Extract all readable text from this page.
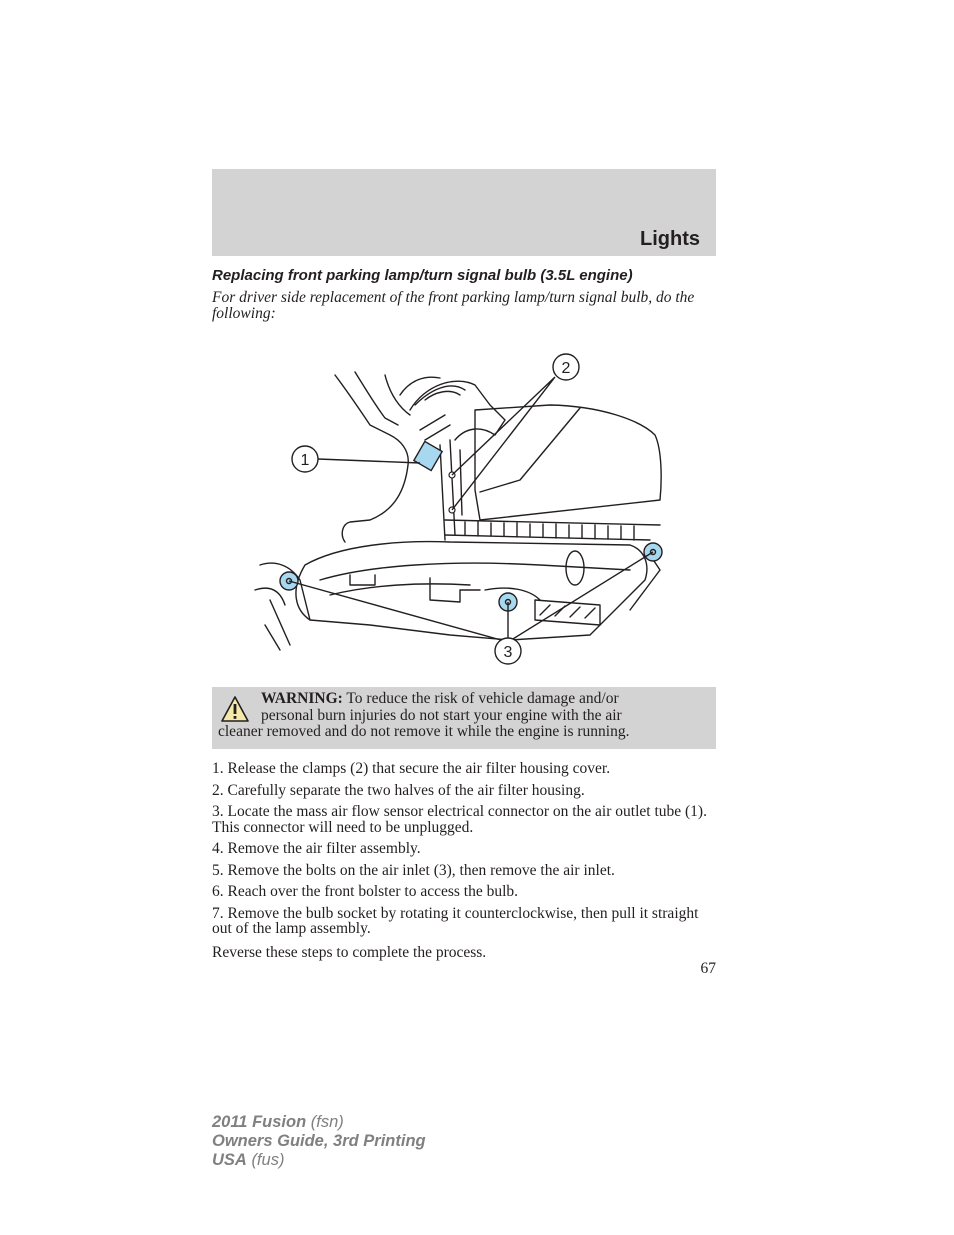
Lights
Replacing front parking lamp/turn signal bulb (3.5L engine)
For driver side replacement of the front parking lamp/turn signal bulb, do the following:
1
2
3
WARNING: To reduce the risk of vehicle damage and/or
personal burn injuries do not start your engine with the air
cleaner removed and do not remove it while the engine is running.

1. Release the clamps (2) that secure the air filter housing cover.

2. Carefully separate the two halves of the air filter housing.

3. Locate the mass air flow sensor electrical connector on the air outlet tube (1). This connector will need to be unplugged.

4. Remove the air filter assembly.

5. Remove the bolts on the air inlet (3), then remove the air inlet.

6. Reach over the front bolster to access the bulb.

7. Remove the bulb socket by rotating it counterclockwise, then pull it straight out of the lamp assembly.

Reverse these steps to complete the process.

67
2011 Fusion (fsn)
Owners Guide, 3rd Printing
USA (fus)
